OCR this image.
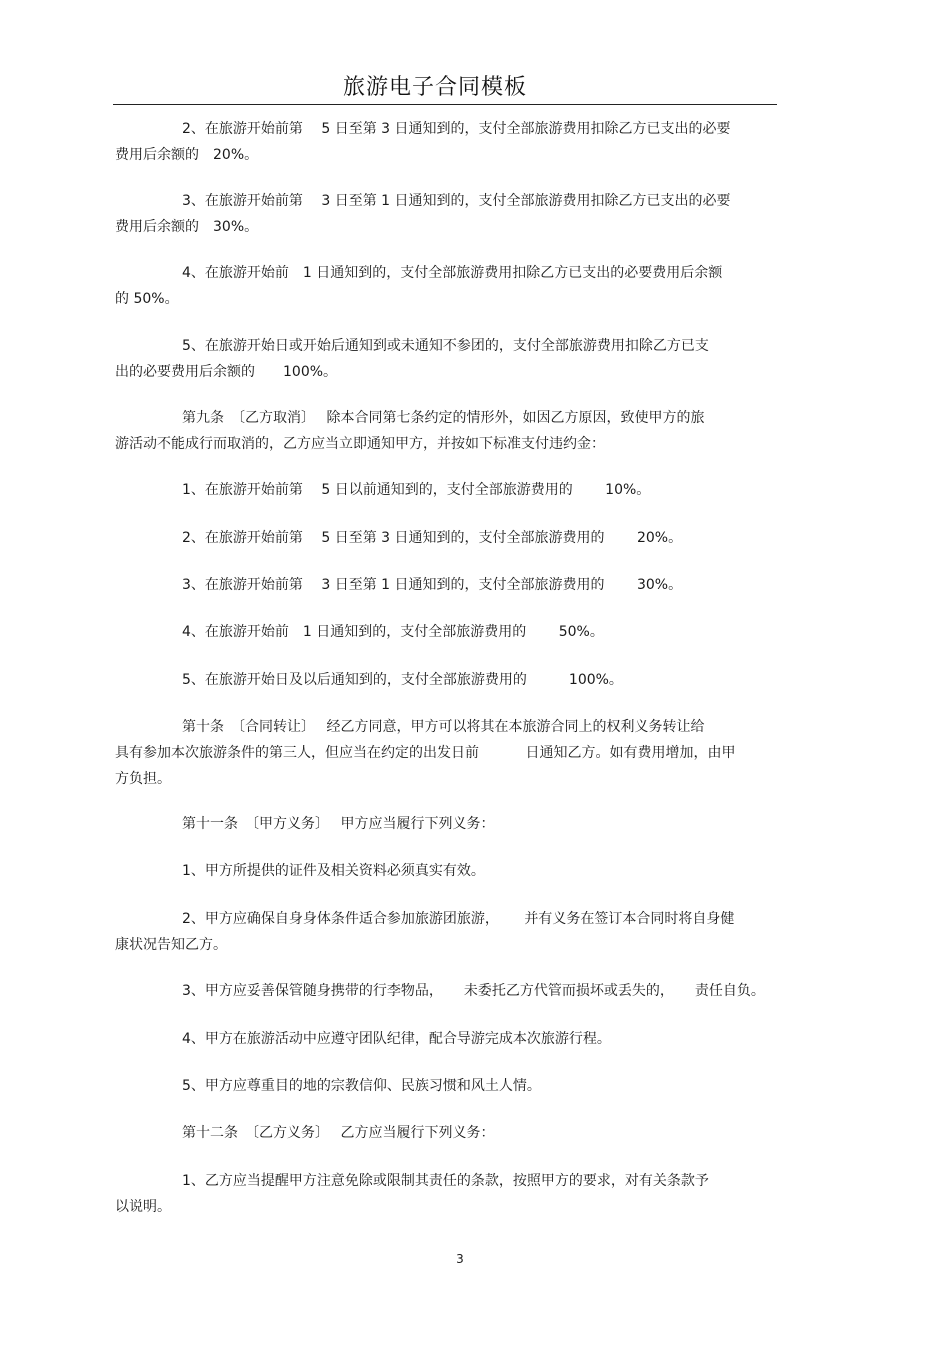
旅游电子合同模板
2、在旅游开始前第　 5 日至第 3 日通知到的，支付全部旅游费用扣除乙方已支出的必要
费用后余额的　20%。
3、在旅游开始前第　 3 日至第 1 日通知到的，支付全部旅游费用扣除乙方已支出的必要
费用后余额的　30%。
4、在旅游开始前　1 日通知到的，支付全部旅游费用扣除乙方已支出的必要费用后余额
的 50%。
5、在旅游开始日或开始后通知到或未通知不参团的，支付全部旅游费用扣除乙方已支
出的必要费用后余额的　　100%。
第九条　〔乙方取消〕　 除本合同第七条约定的情形外，如因乙方原因，致使甲方的旅
游活动不能成行而取消的，乙方应当立即通知甲方，并按如下标准支付违约金：
1、在旅游开始前第　 5 日以前通知到的，支付全部旅游费用的　　 10%。
2、在旅游开始前第　 5 日至第 3 日通知到的，支付全部旅游费用的　　 20%。
3、在旅游开始前第　 3 日至第 1 日通知到的，支付全部旅游费用的　　 30%。
4、在旅游开始前　1 日通知到的，支付全部旅游费用的　　 50%。
5、在旅游开始日及以后通知到的，支付全部旅游费用的　　　100%。
第十条　〔合同转让〕　 经乙方同意，甲方可以将其在本旅游合同上的权利义务转让给
具有参加本次旅游条件的第三人，但应当在约定的出发日前　　　 日通知乙方。如有费用增加，由甲
方负担。
第十一条　〔甲方义务〕　 甲方应当履行下列义务：
1、甲方所提供的证件及相关资料必须真实有效。
2、甲方应确保自身身体条件适合参加旅游团旅游，　　 并有义务在签订本合同时将自身健
康状况告知乙方。
3、甲方应妥善保管随身携带的行李物品，　　未委托乙方代管而损坏或丢失的，　　责任自负。
4、甲方在旅游活动中应遵守团队纪律，配合导游完成本次旅游行程。
5、甲方应尊重目的地的宗教信仰、民族习惯和风土人情。
第十二条　〔乙方义务〕　 乙方应当履行下列义务：
1、乙方应当提醒甲方注意免除或限制其责任的条款，按照甲方的要求，对有关条款予
以说明。
3
